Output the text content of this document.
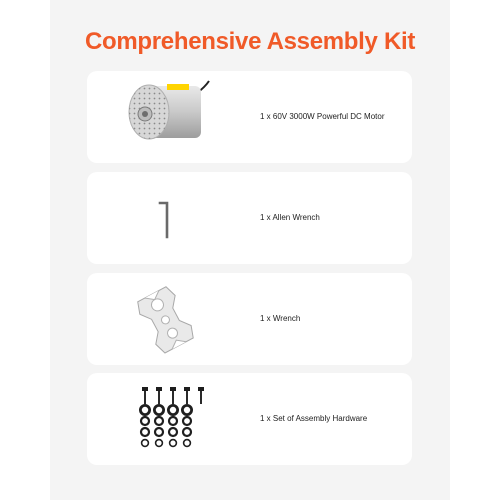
Comprehensive Assembly Kit
1 x 60V 3000W Powerful DC Motor
1 x Allen Wrench
1 x Wrench
1 x Set of Assembly Hardware
